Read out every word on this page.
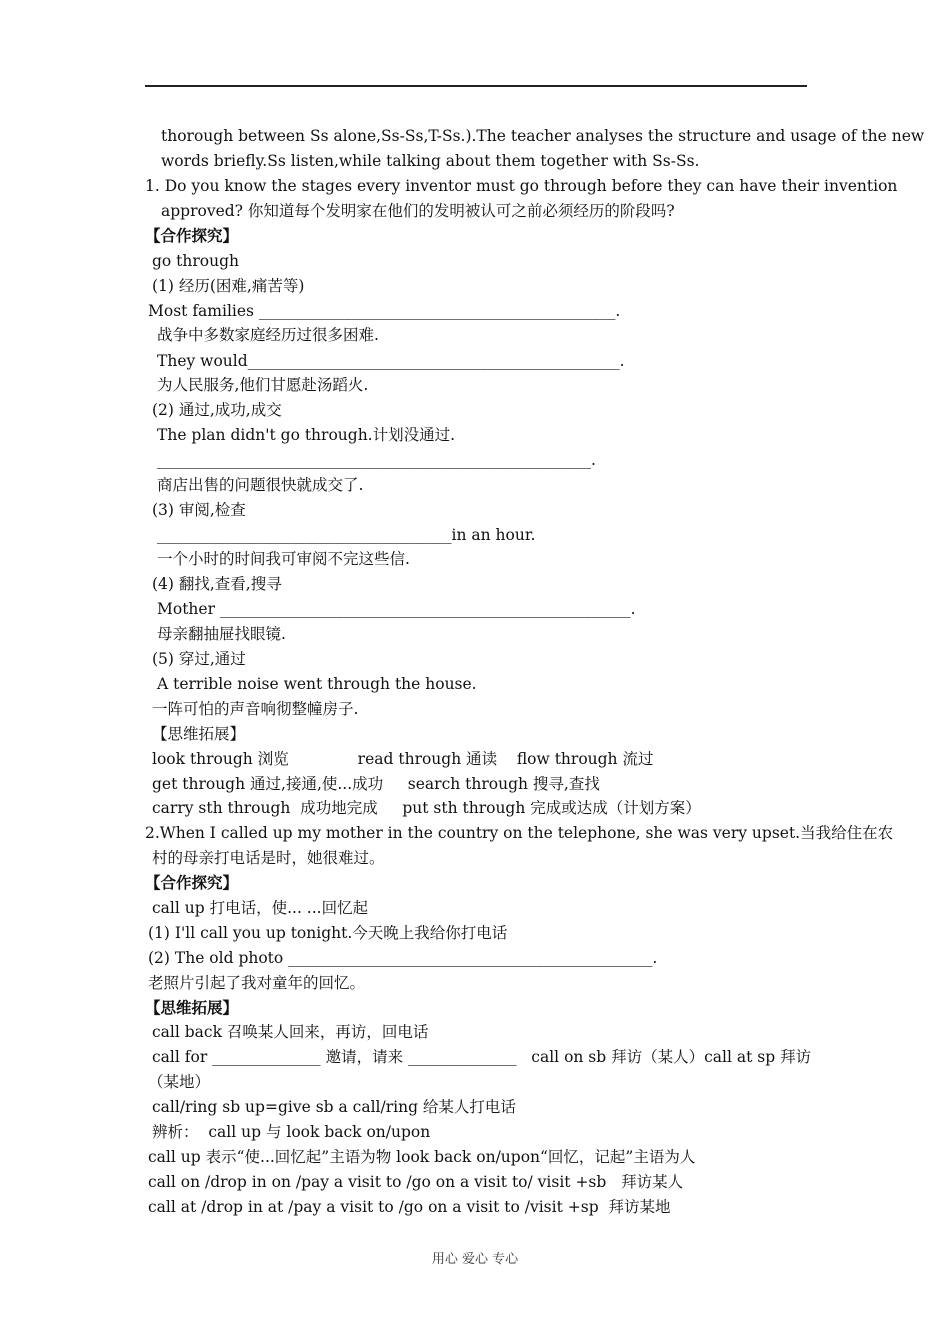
thorough between Ss alone,Ss-Ss,T-Ss.).The teacher analyses the structure and usage of the new
words briefly.Ss listen,while talking about them together with Ss-Ss.
1. Do you know the stages every inventor must go through before they can have their invention
approved? 你知道每个发明家在他们的发明被认可之前必须经历的阶段吗?
【合作探究】
go through
(1) 经历(困难,痛苦等)
Most families ______________________________________________.
战争中多数家庭经历过很多困难.
They would________________________________________________.
为人民服务,他们甘愿赴汤蹈火.
(2) 通过,成功,成交
The plan didn't go through.计划没通过.
________________________________________________________.
商店出售的问题很快就成交了.
(3) 审阅,检查
______________________________________in an hour.
一个小时的时间我可审阅不完这些信.
(4) 翻找,查看,搜寻
Mother _____________________________________________________.
母亲翻抽屉找眼镜.
(5) 穿过,通过
A terrible noise went through the house.
一阵可怕的声音响彻整幢房子.
【思维拓展】
look through 浏览              read through 通读    flow through 流过
get through 通过,接通,使...成功     search through 搜寻,查找
carry sth through  成功地完成     put sth through 完成或达成（计划方案）
2.When I called up my mother in the country on the telephone, she was very upset.当我给住在农
村的母亲打电话是时，她很难过。
【合作探究】
call up 打电话，使... ...回忆起
(1) I'll call you up tonight.今天晚上我给你打电话
(2) The old photo _______________________________________________.
老照片引起了我对童年的回忆。
【思维拓展】
call back 召唤某人回来，再访，回电话
call for ______________ 邀请，请来 ______________   call on sb 拜访（某人）call at sp 拜访
（某地）
call/ring sb up=give sb a call/ring 给某人打电话
辨析：  call up 与 look back on/upon
call up 表示“使...回忆起”主语为物 look back on/upon“回忆，记起”主语为人
call on /drop in on /pay a visit to /go on a visit to/ visit +sb   拜访某人
call at /drop in at /pay a visit to /go on a visit to /visit +sp  拜访某地
用心 爱心 专心
